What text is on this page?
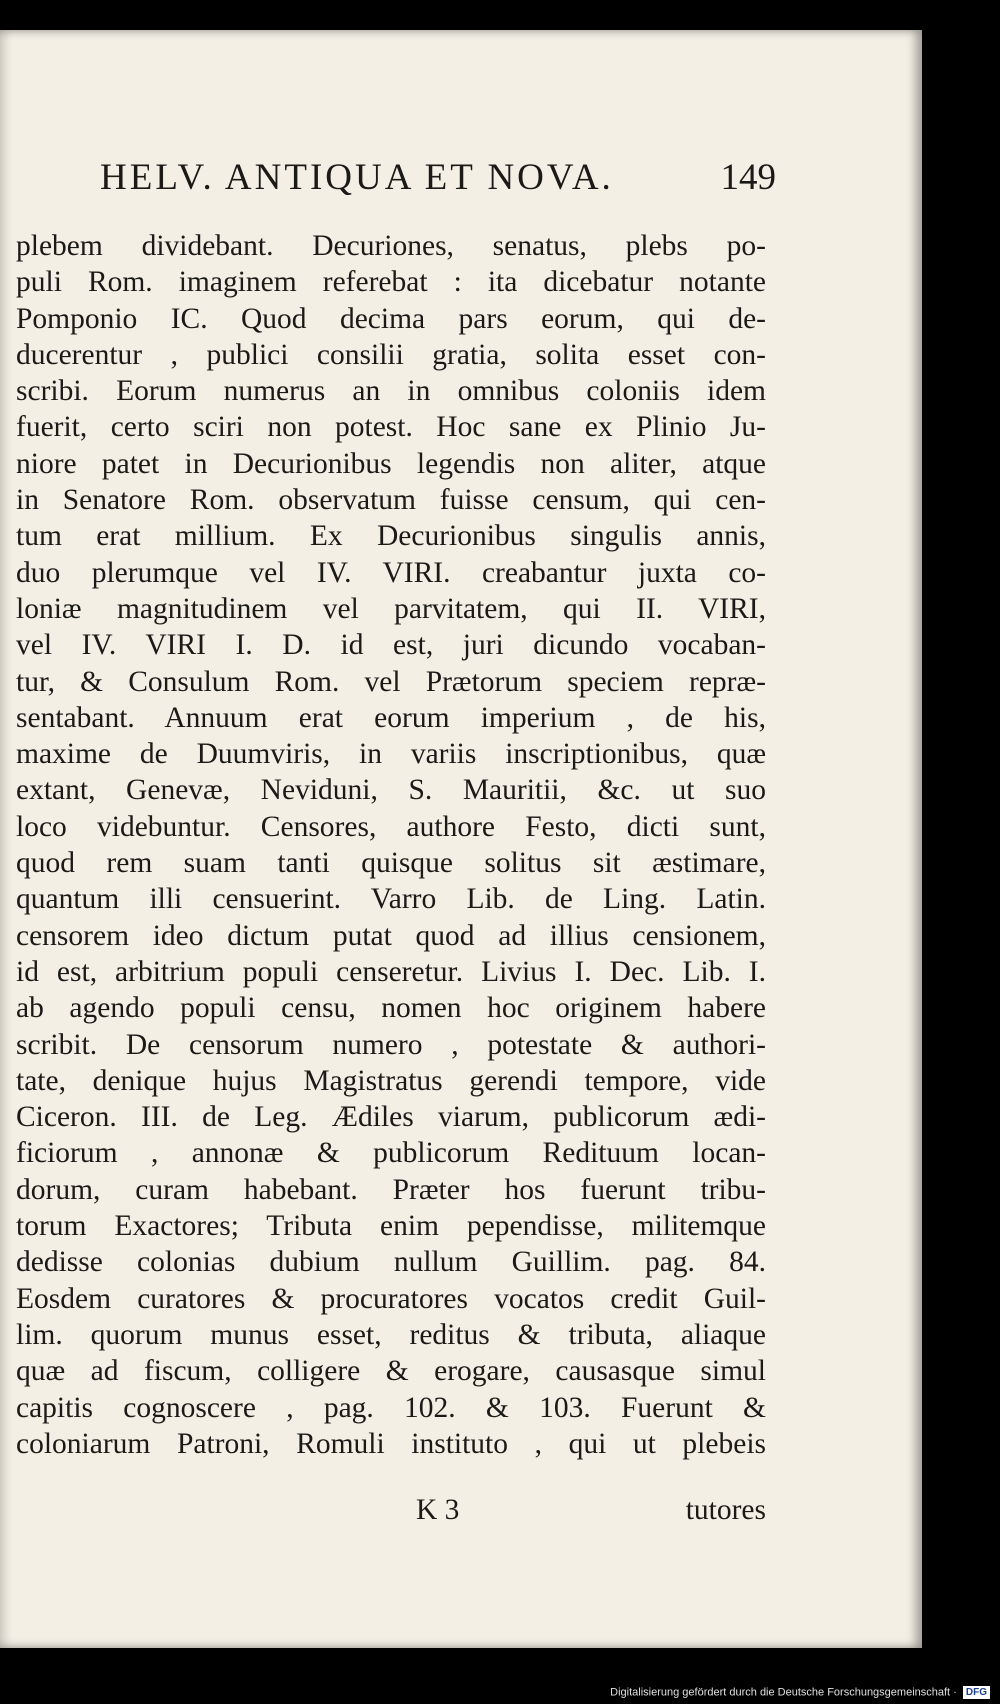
HELV. ANTIQUA ET NOVA.	149
plebem dividebant. Decuriones, senatus, plebs po-
puli Rom. imaginem referebat : ita dicebatur notante
Pomponio IC. Quod decima pars eorum, qui de-
ducerentur , publici consilii gratia, solita esset con-
scribi. Eorum numerus an in omnibus coloniis idem
fuerit, certo sciri non potest. Hoc sane ex Plinio Ju-
niore patet in Decurionibus legendis non aliter, atque
in Senatore Rom. observatum fuisse censum, qui cen-
tum erat millium. Ex Decurionibus singulis annis,
duo plerumque vel IV. VIRI. creabantur juxta co-
loniæ magnitudinem vel parvitatem, qui II. VIRI,
vel IV. VIRI I. D. id est, juri dicundo vocaban-
tur, & Consulum Rom. vel Prætorum speciem repræ-
sentabant. Annuum erat eorum imperium , de his,
maxime de Duumviris, in variis inscriptionibus, quæ
extant, Genevæ, Neviduni, S. Mauritii, &c. ut suo
loco videbuntur. Censores, authore Festo, dicti sunt,
quod rem suam tanti quisque solitus sit æstimare,
quantum illi censuerint. Varro Lib. de Ling. Latin.
censorem ideo dictum putat quod ad illius censionem,
id est, arbitrium populi censeretur. Livius I. Dec. Lib. I.
ab agendo populi censu, nomen hoc originem habere
scribit. De censorum numero , potestate & authori-
tate, denique hujus Magistratus gerendi tempore, vide
Ciceron. III. de Leg. Ædiles viarum, publicorum ædi-
ficiorum , annonæ & publicorum Redituum locan-
dorum, curam habebant. Præter hos fuerunt tribu-
torum Exactores; Tributa enim pependisse, militemque
dedisse colonias dubium nullum Guillim. pag. 84.
Eosdem curatores & procuratores vocatos credit Guil-
lim. quorum munus esset, reditus & tributa, aliaque
quæ ad fiscum, colligere & erogare, causasque simul
capitis cognoscere , pag. 102. & 103. Fuerunt &
coloniarum Patroni, Romuli instituto , qui ut plebeis
K 3	tutores
Digitalisierung gefördert durch die Deutsche Forschungsgemeinschaft · DFG
